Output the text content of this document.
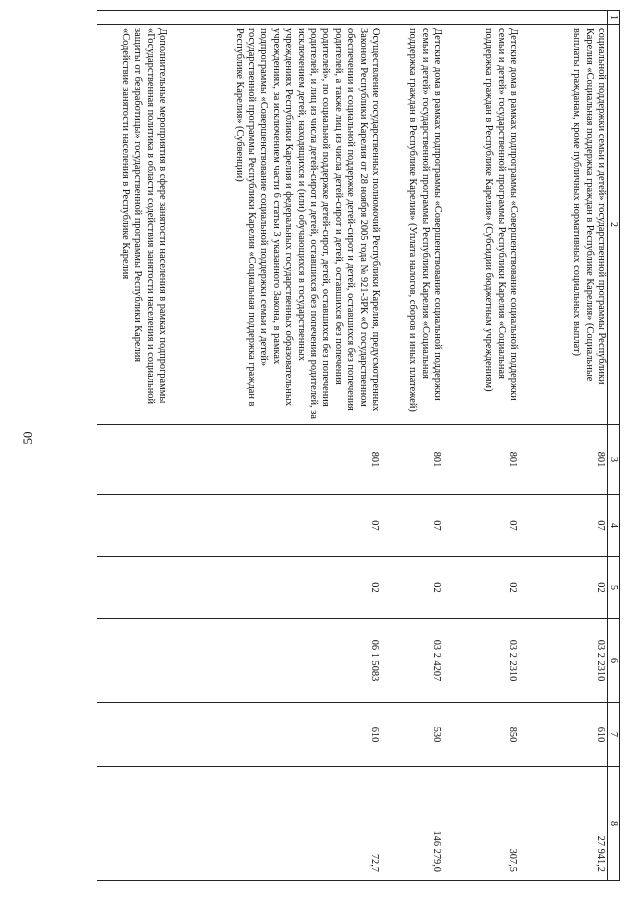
50
1	2	3	4	5	6	7	8
	социальной поддержки семьи и детей» государственной программы Республики Карелия «Социальная поддержка граждан в Республике Карелия» (Социальные выплаты гражданам, кроме публичных нормативных социальных выплат)	801	07	02	03 2 2310	610	27 941,2
	Детские дома в рамках подпрограммы «Совершенствование социальной поддержки семьи и детей» государственной программы Республики Карелия «Социальная поддержка граждан в Республике Карелия» (Субсидии бюджетным учреждениям)	801	07	02	03 2 2310	850	307,5
	Детские дома в рамках подпрограммы «Совершенствование социальной поддержки семьи и детей» государственной программы Республики Карелия «Социальная поддержка граждан в Республике Карелия» (Уплата налогов, сборов и иных платежей)	801	07	02	03 2 4207	530	146 279,0
	Осуществление государственных полномочий Республики Карелия, предусмотренных Законом Республики Карелия от 28 ноября 2005 года № 921-ЗРК «О государственном обеспечении и социальной поддержке детей-сирот и детей, оставшихся без попечения родителей, а также лиц из числа детей-сирот и детей, оставшихся без попечения родителей», по социальной поддержке детей-сирот, детей, оставшихся без попечения родителей, и лиц из числа детей-сирот и детей, оставшихся без попечения родителей, за исключением детей, находящихся и (или) обучающихся в государственных учреждениях Республики Карелия и федеральных государственных образовательных учреждениях, за исключением части 6 статьи 3 указанного Закона, в рамках подпрограммы «Совершенствование социальной поддержки семьи и детей» государственной программы Республики Карелия «Социальная поддержка граждан в Республике Карелия» (Субвенции)	801	07	02	06 1 5083	610	72,7
	Дополнительные мероприятия в сфере занятости населения в рамках подпрограммы «Государственная политика в области содействия занятости населения и социальной защиты от безработицы» государственной программы Республики Карелия «Содействие занятости населения в Республике Карелия						
